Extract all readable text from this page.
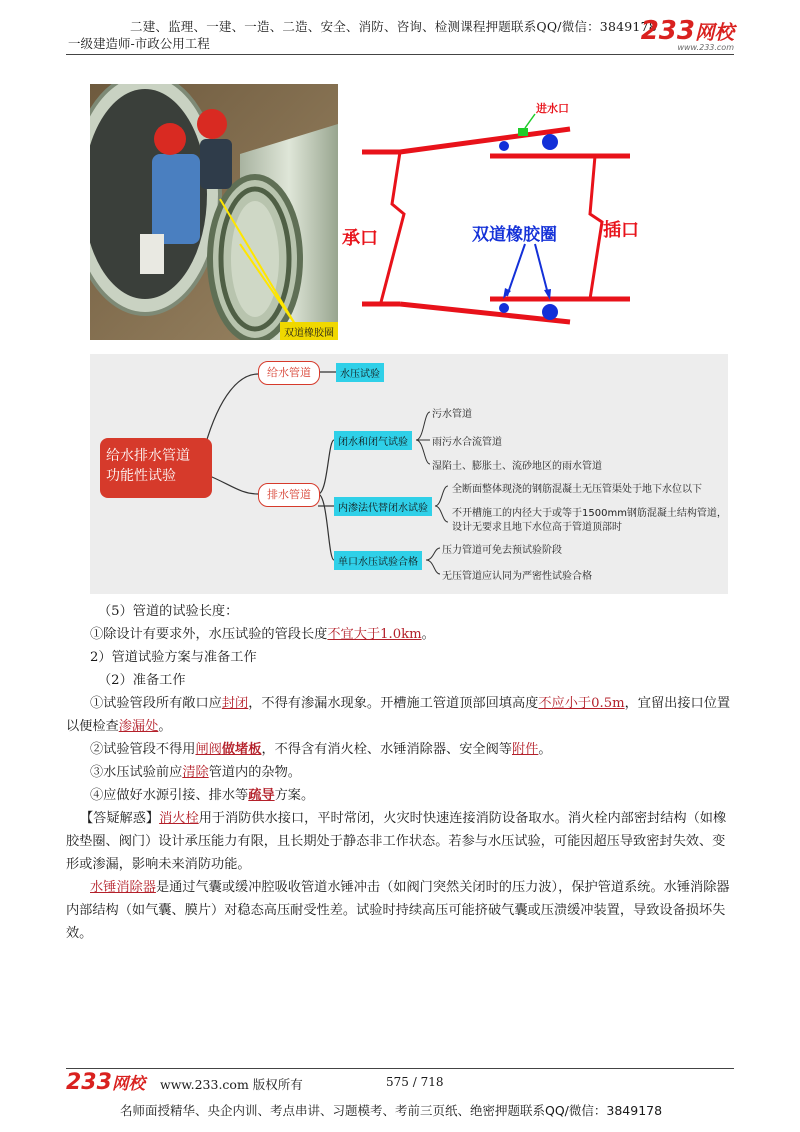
二建、监理、一建、一造、二造、安全、消防、咨询、检测课程押题联系QQ/微信：3849178
一级建造师-市政公用工程	233网校
www.233.com
双道橡胶圈
进水口
承口	插口
双道橡胶圈
给水排水管道
功能性试验
给水管道	水压试验
排水管道
闭水和闭气试验
污水管道
雨污水合流管道
湿陷土、膨胀土、流砂地区的雨水管道
内渗法代替闭水试验
全断面整体现浇的钢筋混凝土无压管渠处于地下水位以下
不开槽施工的内径大于或等于1500mm钢筋混凝土结构管道，
设计无要求且地下水位高于管道顶部时
单口水压试验合格
压力管道可免去预试验阶段
无压管道应认同为严密性试验合格
（5）管道的试验长度：
①除设计有要求外，水压试验的管段长度不宜大于1.0km。
2）管道试验方案与准备工作
（2）准备工作
①试验管段所有敞口应封闭，不得有渗漏水现象。开槽施工管道顶部回填高度不应小于0.5m，宜留出接口位置以便检查渗漏处。
②试验管段不得用闸阀做堵板，不得含有消火栓、水锤消除器、安全阀等附件。
③水压试验前应清除管道内的杂物。
④应做好水源引接、排水等疏导方案。
【答疑解惑】消火栓用于消防供水接口，平时常闭，火灾时快速连接消防设备取水。消火栓内部密封结构（如橡胶垫圈、阀门）设计承压能力有限，且长期处于静态非工作状态。若参与水压试验，可能因超压导致密封失效、变形或渗漏，影响未来消防功能。
水锤消除器是通过气囊或缓冲腔吸收管道水锤冲击（如阀门突然关闭时的压力波），保护管道系统。水锤消除器内部结构（如气囊、膜片）对稳态高压耐受性差。试验时持续高压可能挤破气囊或压溃缓冲装置，导致设备损坏失效。
233网校 www.233.com 版权所有	575 / 718
名师面授精华、央企内训、考点串讲、习题模考、考前三页纸、绝密押题联系QQ/微信：3849178
